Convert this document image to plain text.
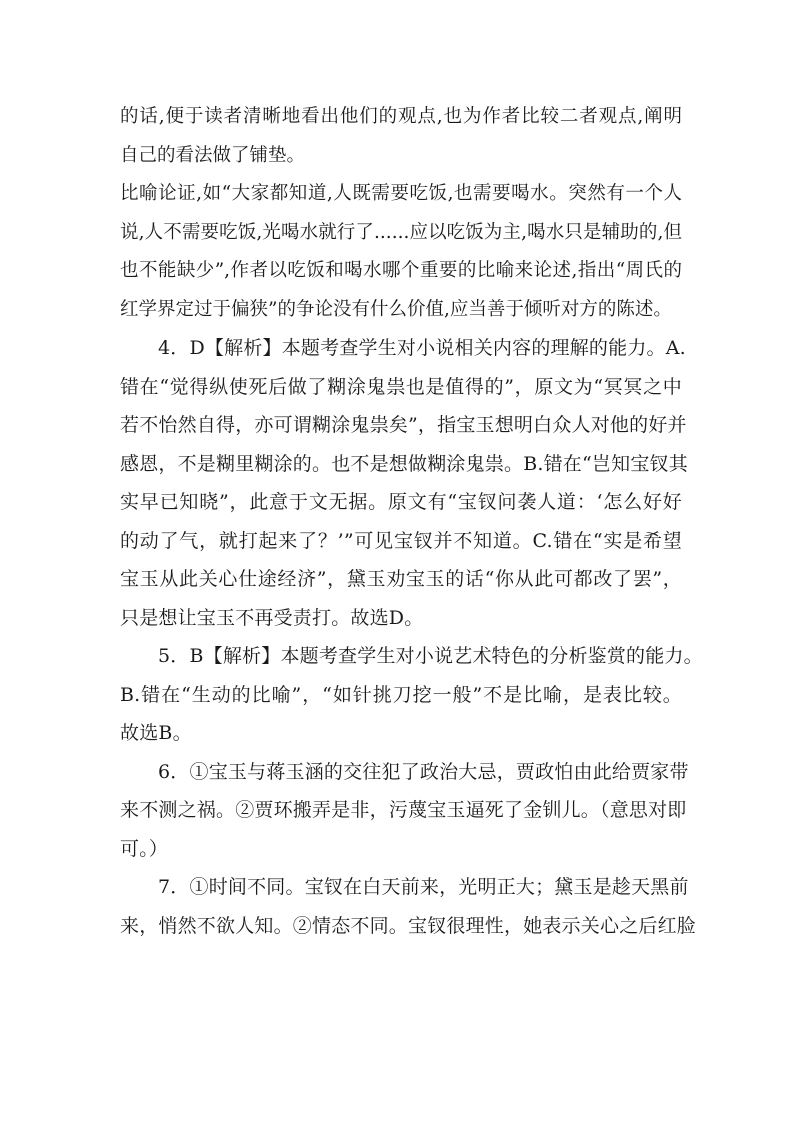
的话,便于读者清晰地看出他们的观点,也为作者比较二者观点,阐明
自己的看法做了铺垫。

比喻论证,如“大家都知道,人既需要吃饭,也需要喝水。突然有一个人
说,人不需要吃饭,光喝水就行了......应以吃饭为主,喝水只是辅助的,但
也不能缺少”,作者以吃饭和喝水哪个重要的比喻来论述,指出“周氏的
红学界定过于偏狭”的争论没有什么价值,应当善于倾听对方的陈述。

4．D【解析】本题考查学生对小说相关内容的理解的能力。A.
错在“觉得纵使死后做了糊涂鬼祟也是值得的”，原文为“冥冥之中
若不怡然自得，亦可谓糊涂鬼祟矣”，指宝玉想明白众人对他的好并
感恩，不是糊里糊涂的。也不是想做糊涂鬼祟。B.错在“岂知宝钗其
实早已知晓”，此意于文无据。原文有“宝钗问袭人道：‘怎么好好
的动了气，就打起来了？’”可见宝钗并不知道。C.错在“实是希望
宝玉从此关心仕途经济”，黛玉劝宝玉的话“你从此可都改了罢”，
只是想让宝玉不再受责打。故选D。

5．B【解析】本题考查学生对小说艺术特色的分析鉴赏的能力。
B.错在“生动的比喻”，“如针挑刀挖一般”不是比喻，是表比较。
故选B。

6．①宝玉与蒋玉涵的交往犯了政治大忌，贾政怕由此给贾家带
来不测之祸。②贾环搬弄是非，污蔑宝玉逼死了金钏儿。（意思对即
可。）

7．①时间不同。宝钗在白天前来，光明正大；黛玉是趁天黑前
来，悄然不欲人知。②情态不同。宝钗很理性，她表示关心之后红脸
